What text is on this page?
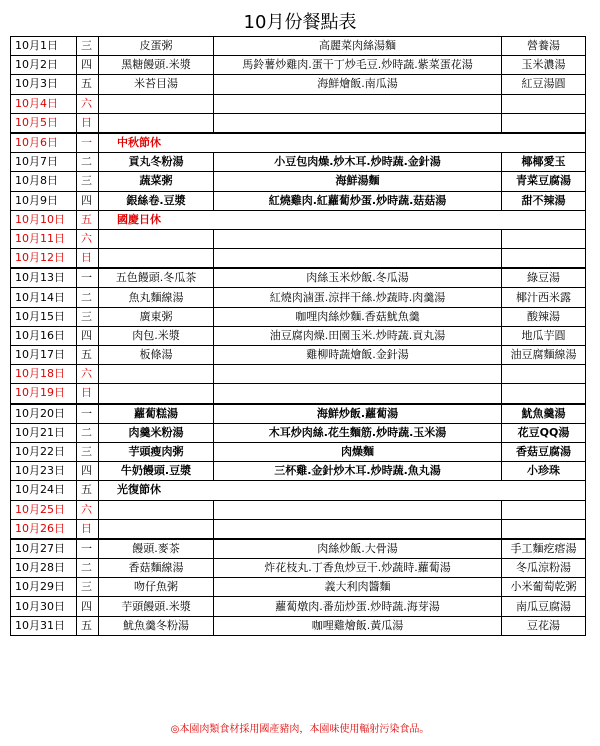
10月份餐點表
10月1日	三	皮蛋粥	高麗菜肉絲湯麵	營養湯
10月2日	四	黑糖饅頭.米漿	馬鈴薯炒雞肉.蛋干丁炒毛豆.炒時蔬.紫菜蛋花湯	玉米濃湯
10月3日	五	米苔目湯	海鮮燴飯.南瓜湯	紅豆湯圓
10月4日	六			
10月5日	日			
10月6日	一	中秋節休		
10月7日	二	貢丸冬粉湯	小豆包肉燥.炒木耳.炒時蔬.金針湯	椰椰愛玉
10月8日	三	蔬菜粥	海鮮湯麵	青菜豆腐湯
10月9日	四	銀絲卷.豆漿	紅燒雞肉.紅蘿蔔炒蛋.炒時蔬.菇菇湯	甜不辣湯
10月10日	五	國慶日休		
10月11日	六			
10月12日	日			
10月13日	一	五色饅頭.冬瓜茶	肉絲玉米炒飯.冬瓜湯	綠豆湯
10月14日	二	魚丸麵線湯	紅燒肉滷蛋.涼拌干絲.炒蔬時.肉羹湯	椰汁西米露
10月15日	三	廣東粥	咖哩肉絲炒麵.香菇魷魚羹	酸辣湯
10月16日	四	肉包.米漿	油豆腐肉燥.田園玉米.炒時蔬.貢丸湯	地瓜芋圓
10月17日	五	板條湯	雞柳時蔬燴飯.金針湯	油豆腐麵線湯
10月18日	六			
10月19日	日			
10月20日	一	蘿蔔糕湯	海鮮炒飯.蘿蔔湯	魷魚羹湯
10月21日	二	肉羹米粉湯	木耳炒肉絲.花生麵筋.炒時蔬.玉米湯	花豆QQ湯
10月22日	三	芋頭瘦肉粥	肉燥麵	香菇豆腐湯
10月23日	四	牛奶饅頭.豆漿	三杯雞.金針炒木耳.炒時蔬.魚丸湯	小珍珠
10月24日	五	光復節休		
10月25日	六			
10月26日	日			
10月27日	一	饅頭.麥茶	肉絲炒飯.大骨湯	手工麵疙瘩湯
10月28日	二	香菇麵線湯	炸花枝丸.丁香魚炒豆干.炒蔬時.蘿蔔湯	冬瓜涼粉湯
10月29日	三	吻仔魚粥	義大利肉醬麵	小米葡萄乾粥
10月30日	四	芋頭饅頭.米漿	蘿蔔燉肉.番茄炒蛋.炒時蔬.海芽湯	南瓜豆腐湯
10月31日	五	魷魚羹冬粉湯	咖哩雞燴飯.黃瓜湯	豆花湯
◎本園肉類食材採用國產豬肉，本園味使用輻射污染食品。
